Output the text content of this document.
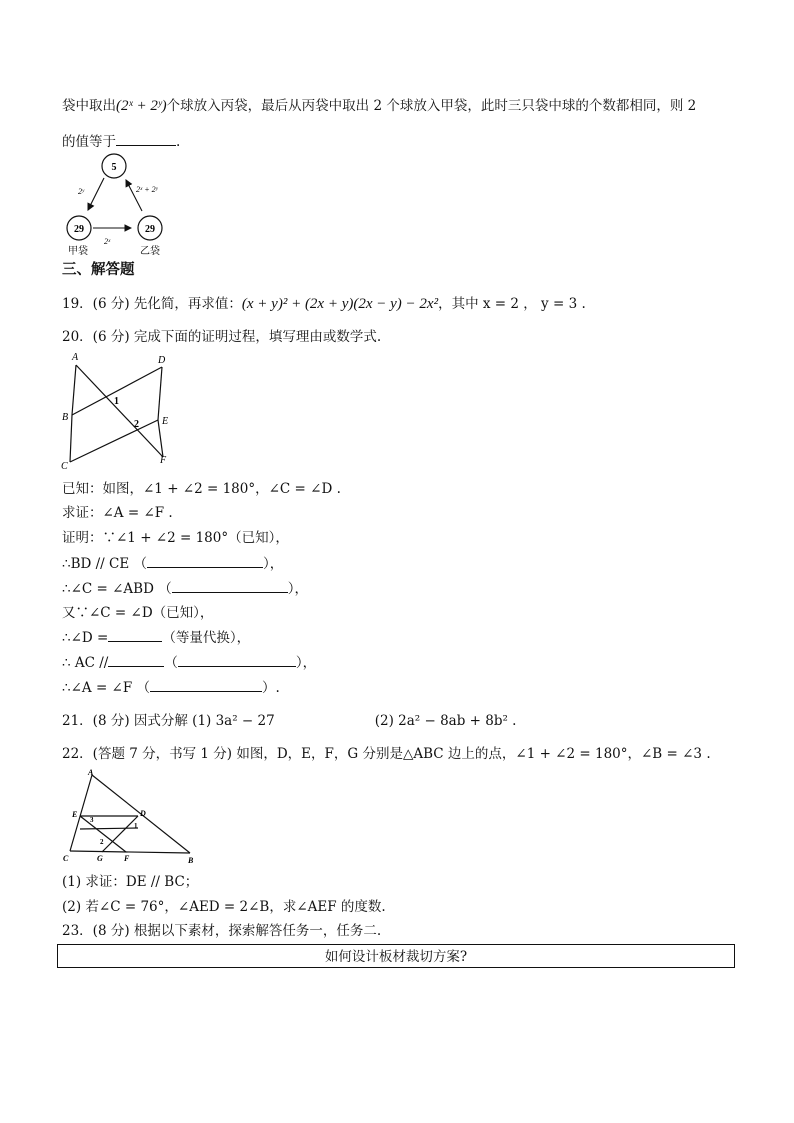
袋中取出(2ˣ + 2ʸ)个球放入丙袋，最后从丙袋中取出 2 个球放入甲袋，此时三只袋中球的个数都相同，则 2
的值等于	.
5
29	29
2ʸ	2ˣ + 2ʸ
2ˣ
甲袋	乙袋
三、解答题
19．(6 分) 先化简，再求值：(x + y)² + (2x + y)(2x − y) − 2x²，其中 x = 2 ， y = 3 .
20．(6 分) 完成下面的证明过程，填写理由或数学式.
A	D
B	E
C
F
1
2
已知：如图，∠1 + ∠2 = 180°，∠C = ∠D .
求证：∠A = ∠F .
证明：∵∠1 + ∠2 = 180°（已知），
∴BD // CE （	），
∴∠C = ∠ABD （	），
又∵∠C = ∠D（已知），
∴∠D =	（等量代换），
∴ AC //	（	），
∴∠A = ∠F （	）.
21．(8 分) 因式分解 (1) 3a² − 27	(2) 2a² − 8ab + 8b² .
22．(答题 7 分，书写 1 分) 如图，D，E，F，G 分别是△ABC 边上的点，∠1 + ∠2 = 180°，∠B = ∠3 .
A
E	D
C	G	F	B
1
2
3
(1) 求证：DE // BC；
(2) 若∠C = 76°，∠AED = 2∠B，求∠AEF 的度数.
23．(8 分) 根据以下素材，探索解答任务一，任务二.
如何设计板材裁切方案?
